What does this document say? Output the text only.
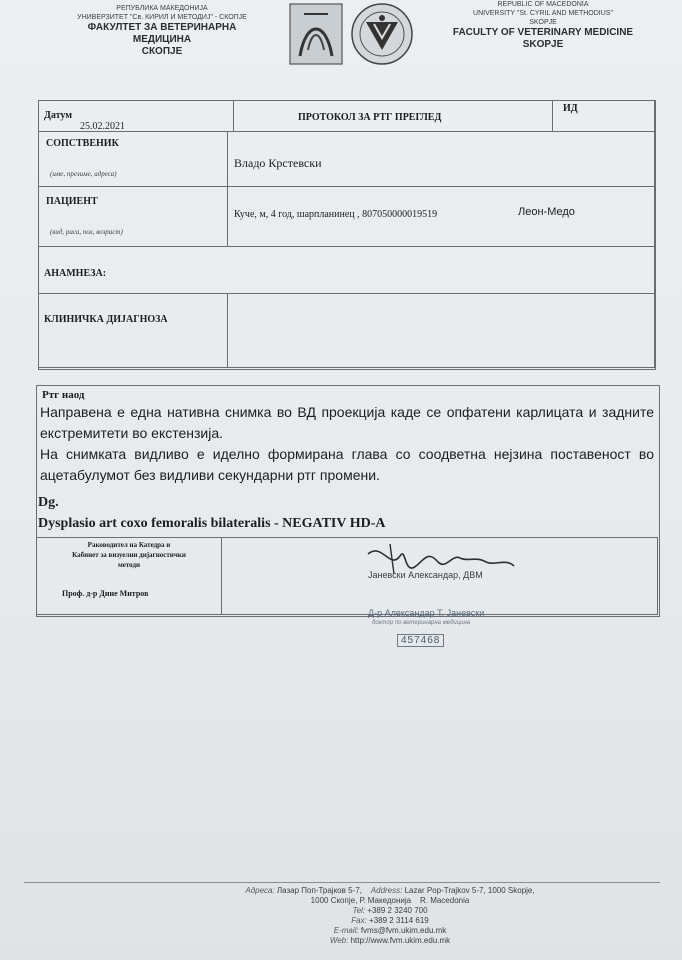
РЕПУБЛИКА МАКЕДОНИЈА
УНИВЕРЗИТЕТ "Св. КИРИЛ И МЕТОДИЈ" - СКОПЈЕ
ФАКУЛТЕТ ЗА ВЕТЕРИНАРНА
МЕДИЦИНА
СКОПЈЕ
REPUBLIC OF MACEDONIA
UNIVERSITY "St. CYRIL AND METHODIUS"
SKOPJE
FACULTY OF VETERINARY MEDICINE
SKOPJE
Датум
25.02.2021
ПРОТОКОЛ ЗА РТГ ПРЕГЛЕД
ИД
СОПСТВЕНИК
(име, презиме, адреса)
Владо Крстевски
ПАЦИЕНТ
(вид, раса, пол, возраст)
Куче, м, 4 год, шарпланинец , 807050000019519	Леон-Медо
АНАМНЕЗА:
КЛИНИЧКА ДИЈАГНОЗА
Ртг наод

Направена е една нативна снимка во ВД проекција каде се опфатени карлицата и задните екстремитети во екстензија.

На снимката видливо е иделно формирана глава со соодветна нејзина поставеност во ацетабулумот без видливи секундарни ртг промени.

Dg.
Dysplasio art coxo femoralis bilateralis - NEGATIV HD-A
Раководител на Катедра и
Кабинет за визуелни дијагностички
методи
Проф. д-р Дине Митров
Јаневски Александар, ДВМ
Д-р Александар Т. Јаневски
доктор по ветеринарна медицина
457468
Адреса: Лазар Поп-Трајков 5-7, Address: Lazar Pop-Trajkov 5-7, 1000 Skopje,
1000 Скопје, Р. Македонија R. Macedonia
Tel: +389 2 3240 700
Fax: +389 2 3114 619
E-mail: fvms@fvm.ukim.edu.mk
Web: http://www.fvm.ukim.edu.mk
